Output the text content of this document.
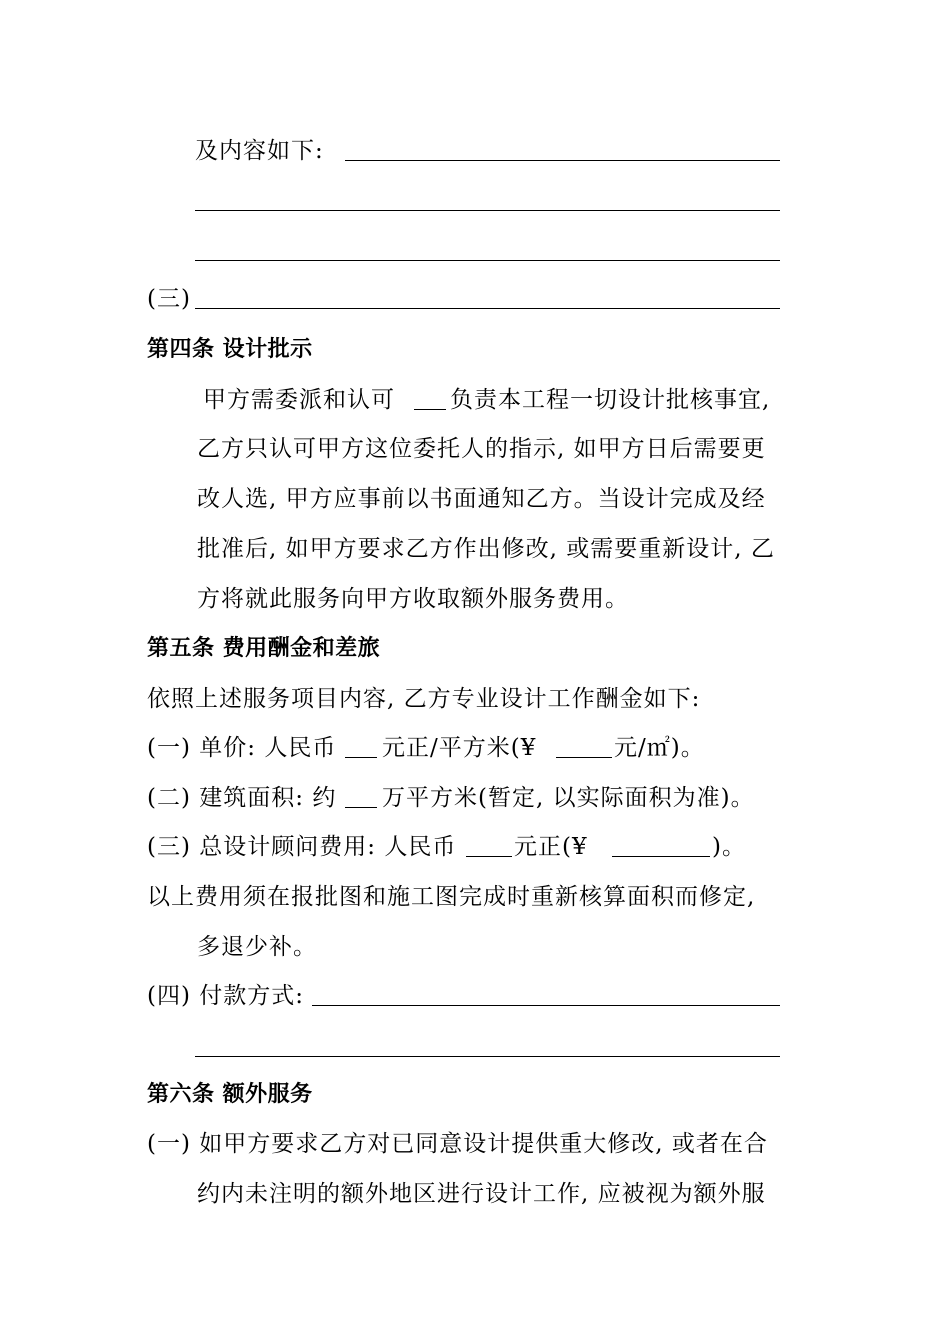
及内容如下:
(三)
第四条 设计批示
甲方需委派和认可 负责本工程一切设计批核事宜,
乙方只认可甲方这位委托人的指示, 如甲方日后需要更
改人选, 甲方应事前以书面通知乙方。当设计完成及经
批准后, 如甲方要求乙方作出修改, 或需要重新设计, 乙
方将就此服务向甲方收取额外服务费用。
第五条 费用酬金和差旅
依照上述服务项目内容, 乙方专业设计工作酬金如下:
(一) 单价: 人民币 元正/平方米(¥	元/㎡)。
(二) 建筑面积: 约 万平方米(暂定, 以实际面积为准)。
(三) 总设计顾问费用: 人民币	元正(¥	)。
以上费用须在报批图和施工图完成时重新核算面积而修定,
多退少补。
(四) 付款方式:
第六条 额外服务
(一) 如甲方要求乙方对已同意设计提供重大修改, 或者在合
约内未注明的额外地区进行设计工作, 应被视为额外服
